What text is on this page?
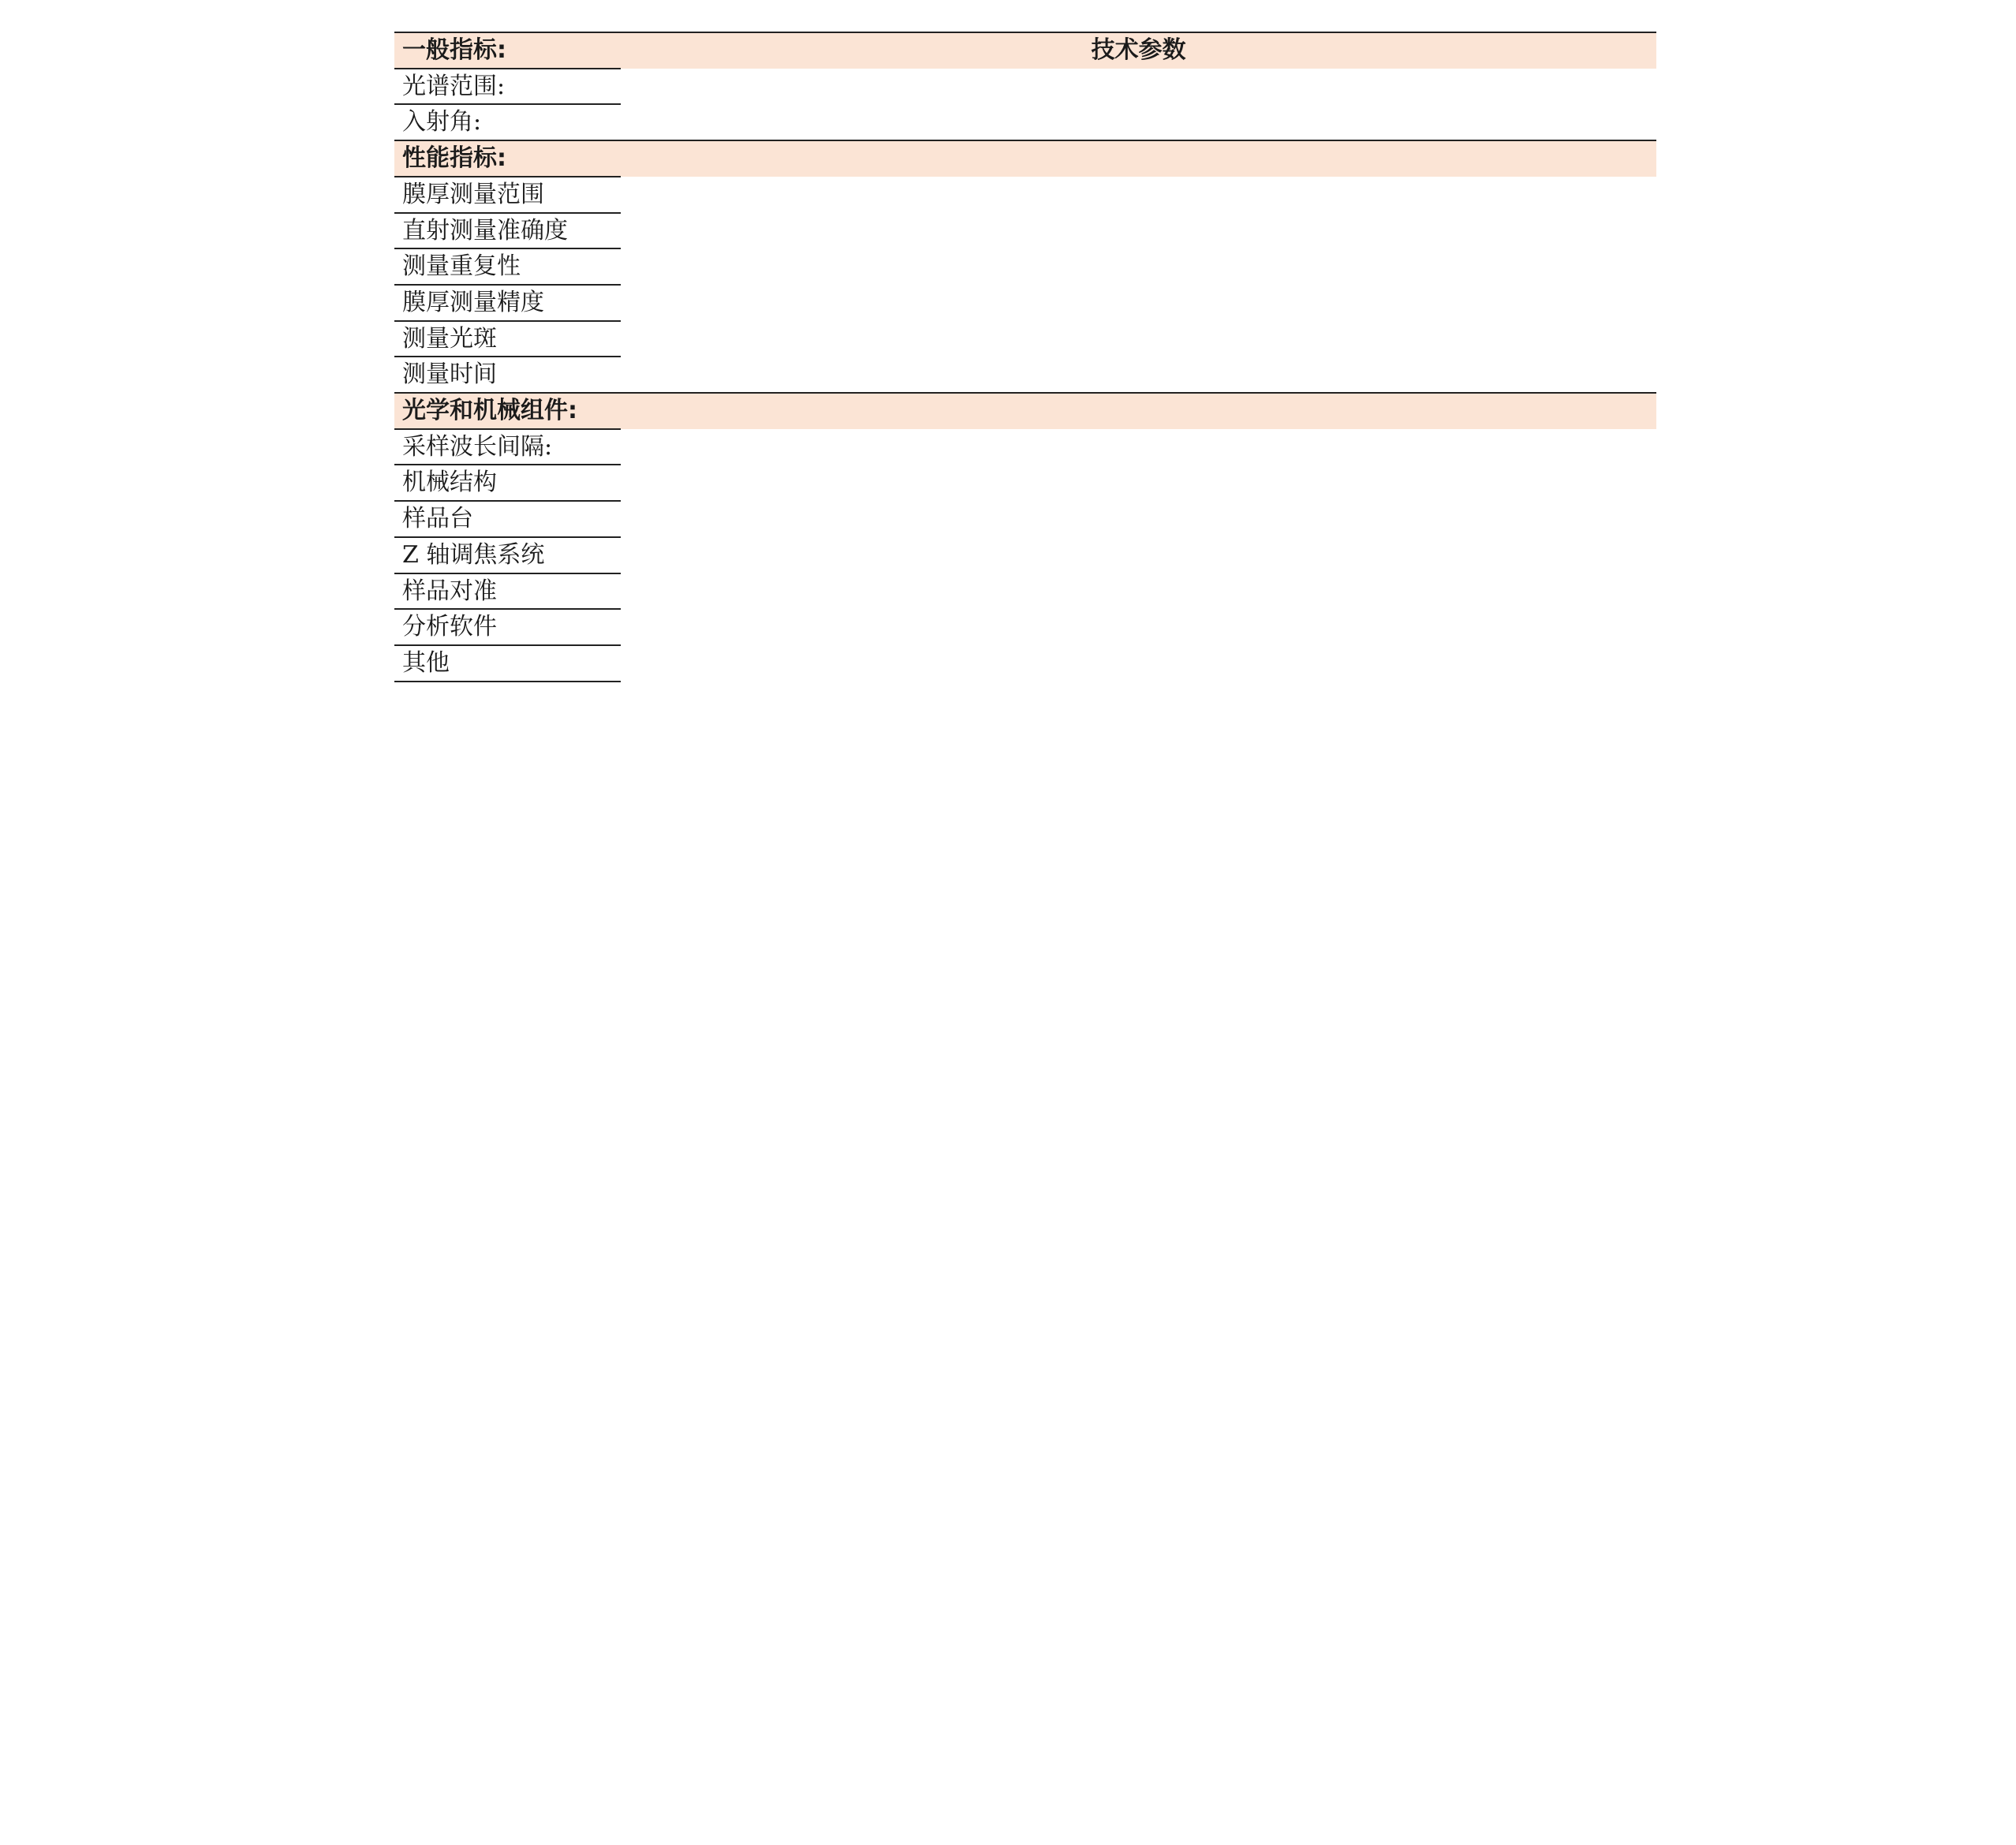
一般指标:	技术参数
光谱范围:	

入射角:	

性能指标:	
膜厚测量范围	
直射测量准确度	
测量重复性	

膜厚测量精度	
测量光斑	
测量时间	
光学和机械组件:	
采样波长间隔:	
机械结构	
样品台	
Z 轴调焦系统	
样品对准	
分析软件	
其他	
